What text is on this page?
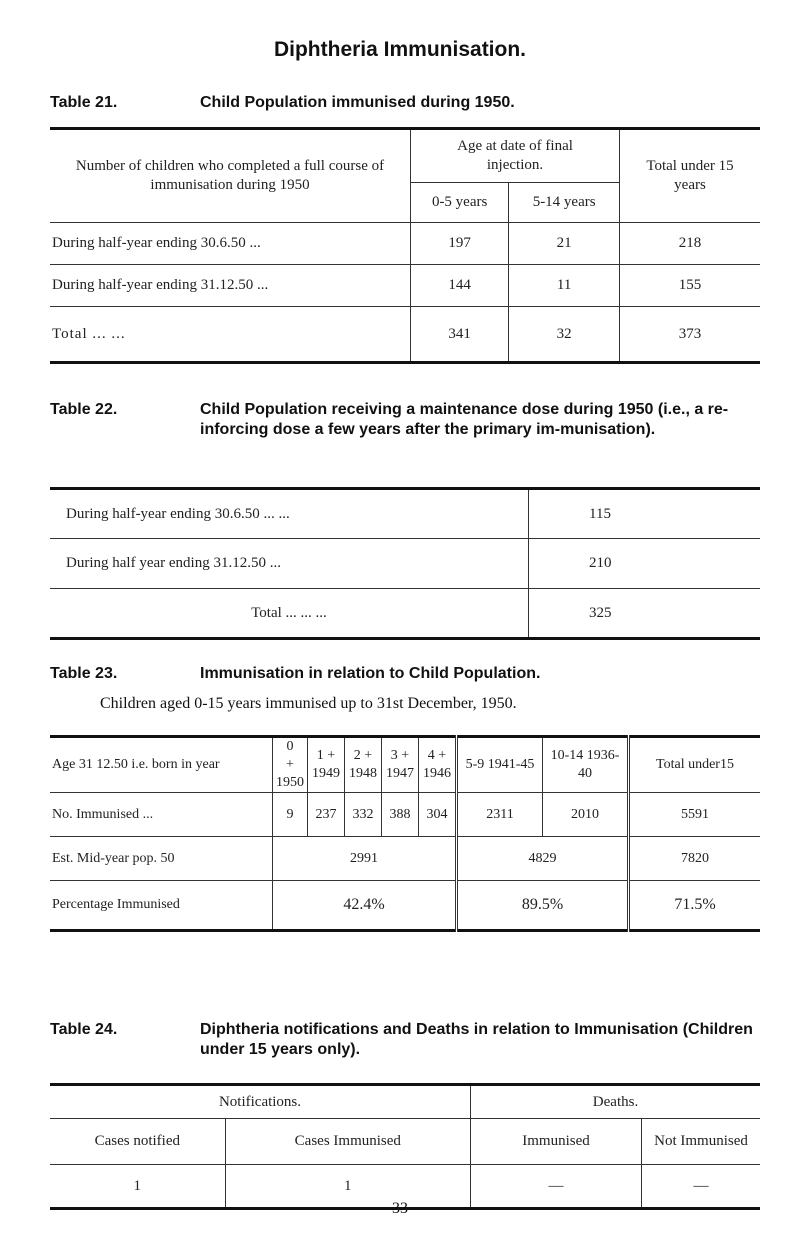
Diphtheria Immunisation.
Table 21.	Child Population immunised during 1950.
Number of children who completed a full course of immunisation during 1950	Age at date of final injection.		Total under 15 years
	0-5 years	5-14 years	
During half-year ending 30.6.50 ...	197	21	218
During half-year ending 31.12.50 ...	144	11	155
Total ... ...	341	32	373
Table 22.	Child Population receiving a maintenance dose during 1950 (i.e., a re-inforcing dose a few years after the primary im-munisation).
During half-year ending 30.6.50 ... ...	115
During half year ending 31.12.50 ...	210
Total ... ... ...	325
Table 23.	Immunisation in relation to Child Population.
Children aged 0-15 years immunised up to 31st December, 1950.
Age 31 12.50 i.e. born in year	0 + 1950	1 + 1949	2 + 1948	3 + 1947	4 + 1946	5-9 1941-45	10-14 1936-40	Total under15
No. Immunised ...	9	237	332	388	304	2311	2010	5591
Est. Mid-year pop. 50	2991					4829		7820
Percentage Immunised	42.4%					89.5%		71.5%
Table 24.	Diphtheria notifications and Deaths in relation to Immunisation (Children under 15 years only).
Notifications.		Deaths.	
Cases notified	Cases Immunised	Immunised	Not Immunised
1	1	—	—
33
